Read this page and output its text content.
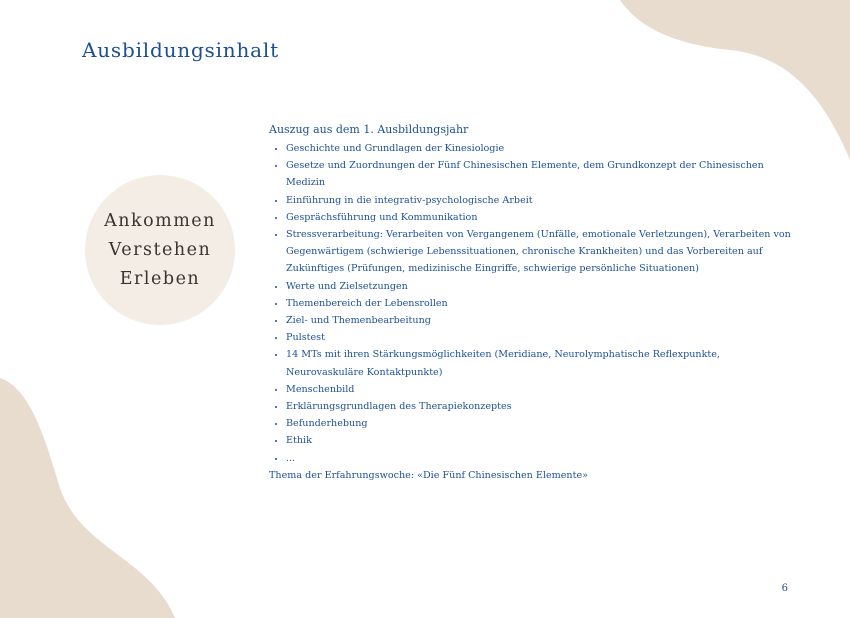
Ausbildungsinhalt
Ankommen
Verstehen
Erleben

Auszug aus dem 1. Ausbildungsjahr

• Geschichte und Grundlagen der Kinesiologie
• Gesetze und Zuordnungen der Fünf Chinesischen Elemente, dem Grundkonzept der Chinesischen Medizin
• Einführung in die integrativ-psychologische Arbeit
• Gesprächsführung und Kommunikation
• Stressverarbeitung: Verarbeiten von Vergangenem (Unfälle, emotionale Verletzungen), Verarbeiten von Gegenwärtigem (schwierige Lebenssituationen, chronische Krankheiten) und das Vorbereiten auf Zukünftiges (Prüfungen, medizinische Eingriffe, schwierige persönliche Situationen)
• Werte und Zielsetzungen
• Themenbereich der Lebensrollen
• Ziel- und Themenbearbeitung
• Pulstest
• 14 MTs mit ihren Stärkungsmöglichkeiten (Meridiane, Neurolymphatische Reflexpunkte, Neurovaskuläre Kontaktpunkte)
• Menschenbild
• Erklärungsgrundlagen des Therapiekonzeptes
• Befunderhebung
• Ethik
• ...

Thema der Erfahrungswoche: «Die Fünf Chinesischen Elemente»

6
